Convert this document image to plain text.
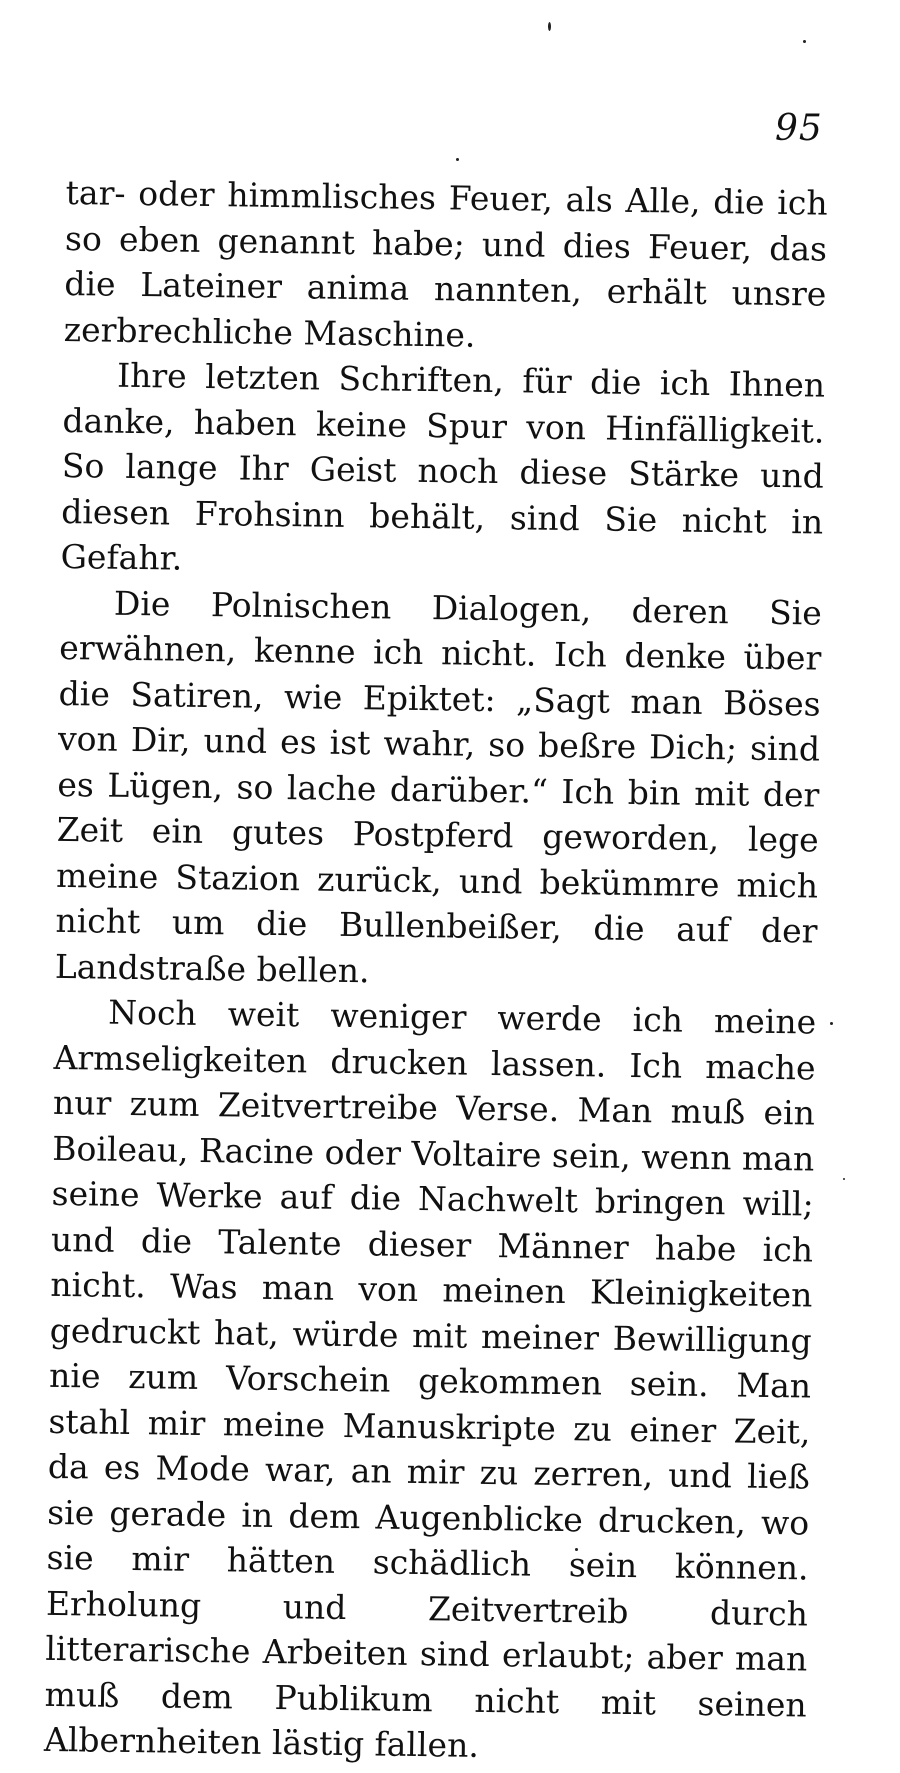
95

tar- oder himmlisches Feuer, als Alle, die ich so eben genannt habe; und dies Feuer, das die Lateiner anima nannten, erhält unsre zerbrechliche Maschine.

Ihre letzten Schriften, für die ich Ihnen danke, haben keine Spur von Hinfälligkeit. So lange Ihr Geist noch diese Stärke und diesen Frohsinn behält, sind Sie nicht in Gefahr.

Die Polnischen Dialogen, deren Sie erwähnen, kenne ich nicht. Ich denke über die Satiren, wie Epiktet: „Sagt man Böses von Dir, und es ist wahr, so beßre Dich; sind es Lügen, so lache darüber.“ Ich bin mit der Zeit ein gutes Postpferd geworden, lege meine Stazion zurück, und bekümmre mich nicht um die Bullenbeißer, die auf der Landstraße bellen.

Noch weit weniger werde ich meine Armseligkeiten drucken lassen. Ich mache nur zum Zeitvertreibe Verse. Man muß ein Boileau, Racine oder Voltaire sein, wenn man seine Werke auf die Nachwelt bringen will; und die Talente dieser Männer habe ich nicht. Was man von meinen Kleinigkeiten gedruckt hat, würde mit meiner Bewilligung nie zum Vorschein gekommen sein. Man stahl mir meine Manuskripte zu einer Zeit, da es Mode war, an mir zu zerren, und ließ sie gerade in dem Augenblicke drucken, wo sie mir hätten schädlich sein können. Erholung und Zeitvertreib durch litterarische Arbeiten sind erlaubt; aber man muß dem Publikum nicht mit seinen Albernheiten lästig fallen.
